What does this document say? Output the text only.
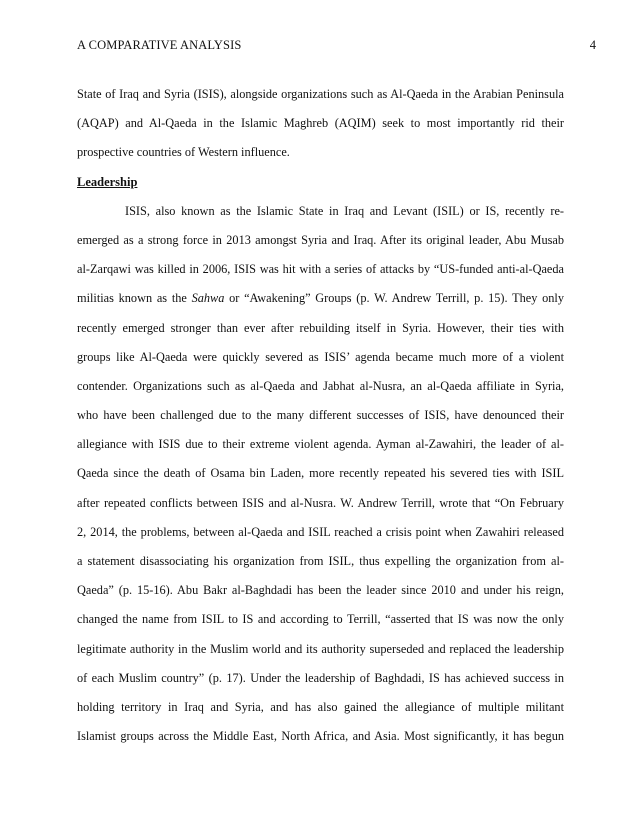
A COMPARATIVE ANALYSIS	4
State of Iraq and Syria (ISIS), alongside organizations such as Al-Qaeda in the Arabian Peninsula
(AQAP) and Al-Qaeda in the Islamic Maghreb (AQIM) seek to most importantly rid their
prospective countries of Western influence.
Leadership
ISIS, also known as the Islamic State in Iraq and Levant (ISIL) or IS, recently re-
emerged as a strong force in 2013 amongst Syria and Iraq. After its original leader, Abu Musab
al-Zarqawi was killed in 2006, ISIS was hit with a series of attacks by “US-funded anti-al-Qaeda
militias known as the Sahwa or “Awakening” Groups (p. W. Andrew Terrill, p. 15). They only
recently emerged stronger than ever after rebuilding itself in Syria. However, their ties with
groups like Al-Qaeda were quickly severed as ISIS’ agenda became much more of a violent
contender. Organizations such as al-Qaeda and Jabhat al-Nusra, an al-Qaeda affiliate in Syria,
who have been challenged due to the many different successes of ISIS, have denounced their
allegiance with ISIS due to their extreme violent agenda. Ayman al-Zawahiri, the leader of al-
Qaeda since the death of Osama bin Laden, more recently repeated his severed ties with ISIL
after repeated conflicts between ISIS and al-Nusra. W. Andrew Terrill, wrote that “On February
2, 2014, the problems, between al-Qaeda and ISIL reached a crisis point when Zawahiri released
a statement disassociating his organization from ISIL, thus expelling the organization from al-
Qaeda” (p. 15-16). Abu Bakr al-Baghdadi has been the leader since 2010 and under his reign,
changed the name from ISIL to IS and according to Terrill, “asserted that IS was now the only
legitimate authority in the Muslim world and its authority superseded and replaced the leadership
of each Muslim country” (p. 17). Under the leadership of Baghdadi, IS has achieved success in
holding territory in Iraq and Syria, and has also gained the allegiance of multiple militant
Islamist groups across the Middle East, North Africa, and Asia. Most significantly, it has begun
